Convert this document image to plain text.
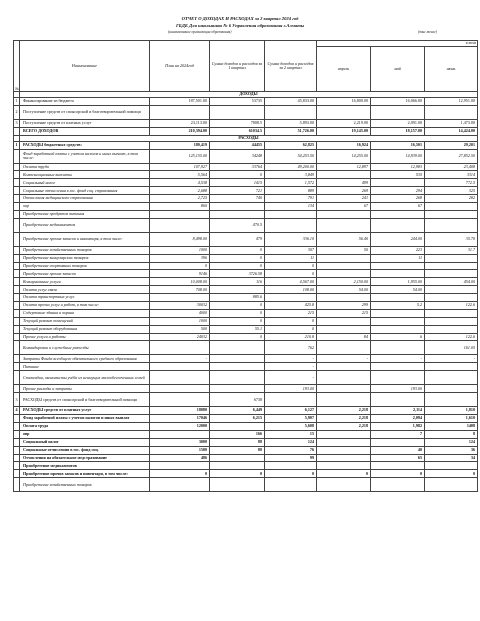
ОТЧЕТ О ДОХОДАХ И РАСХОДАХ за 2 квартал 2024 год
ГБДБ Для школьников № 6 Управления образования г.Алматы
(наименование организации образования)	(тыс.тенге)
№	Наименование	План на 2024год	Сумма доходов и расходов за 1 квартал	Сумма доходов и расходов за 2 квартал	в том		
					апрель	май	июнь
	ДОХОДЫ						
1	Финансирование из бюджета	187,501.00	53735	45,833.00	16,800.00	16,066.00	12,951.00
2	Поступление средств от спонсорской и благотворительной помощи						
3	Поступление средств от платных услуг	23,113.00	7808.5	5,893.00	2,219.00	2,091.00	1,473.00
	ВСЕГО ДОХОДОВ	210,394.00	61034.5	51,726.00	19,145.00	18,157.00	14,424.00
	РАСХОДЫ						
1	РАСХОДЫ бюджетных средств:	180,419	44455	62,825	16,924	16,501	29,201
	Фонд заработной платы с учетом налогов и иных выплат, в том числе:	125,155.00	34248	54,253.50	14,255.00	14,939.00	27,852.50
	Оплата труда	107,927	33764	49,200.00	12,897	12,983	23,408
	Компенсационные выплаты	5,564	0	3,849		535	3314
	Социальный налог	4,538	1415	1,572	499		772.5
	Социальные отчисления в гос. фонд соц. страхования	2,688	721	889	269	294	325
	Отчисления медицинского страхования	2,725	740	791	241	268	282
	овр	860		134	67	67	
	Приобретение продуктов питания						
	Приобретение медикаментов		470.5				
	Приобретение прочих запасов и инвентаря, в том числе:	8,498.00	479	336.10	56.40	244.00	35.70
	Приобретение хозяйственных товаров	1000	0	307	50	223	31.7
	Приобретение канцелярских товаров	396	0	11		11	
	Приобретение спортивных товаров	0	0	0			
	Приобретение прочих запасов	9146	3726.58	0			
	Коммунальные услуги	10,008.00	116	4,567.00	2,150.00	1,955.00	454.00
	Оплата услуг связи	708.00		108.00	54.00	54.00	
	Оплата транспортных услуг		885.6				
	Оплата прочих услуг и работ, в том числе:	30032	0	425.8	299	5.2	122.6
	Содержание здания и охрана	4000	0	215	215		
	Текущий ремонт помещений	1000	0	0			
	Текущий ремонт оборудования	500	55.1	0			
	Прочие услуги и работы	24032	0	210.8	84	6	122.6
	Командировки и служебные разъезды			762			161.05
	Затраты Фонда всеобщего обязательного среднего образования	-		-	-	-	-
	Питание			-			
	Стипендии, экономисты учёба из неимущих малообеспеченных семей			-			
	Прочие расходы и затраты			193.00		193.00	
3	РАСХОДЫ средств от спонсорской и благотворительной помощи		6738				
4	РАСХОДЫ средств от платных услуг	18080	6,449	6,127	2,218	2,114	1,810
	Фонд заработной платы с учетом налогов и иных выплат	17046	6,215	5,907	2,218	2,094	1,610
	Оплата труда	12000		5,608	2,218	1,982	1408
	овр		166	15		7	8
	Социальный налог	3000	88	124			124
	Социальные отчисления в гос. фонд соц.	1500	80	76		40	36
	Отчисления на обязательное медстрахование	486		99		65	34
	Приобретение медикаментов						
	Приобретение прочих запасов и инвентаря, в том числе:	0	0	0	0	0	0
	Приобретение хозяйственных товаров						
